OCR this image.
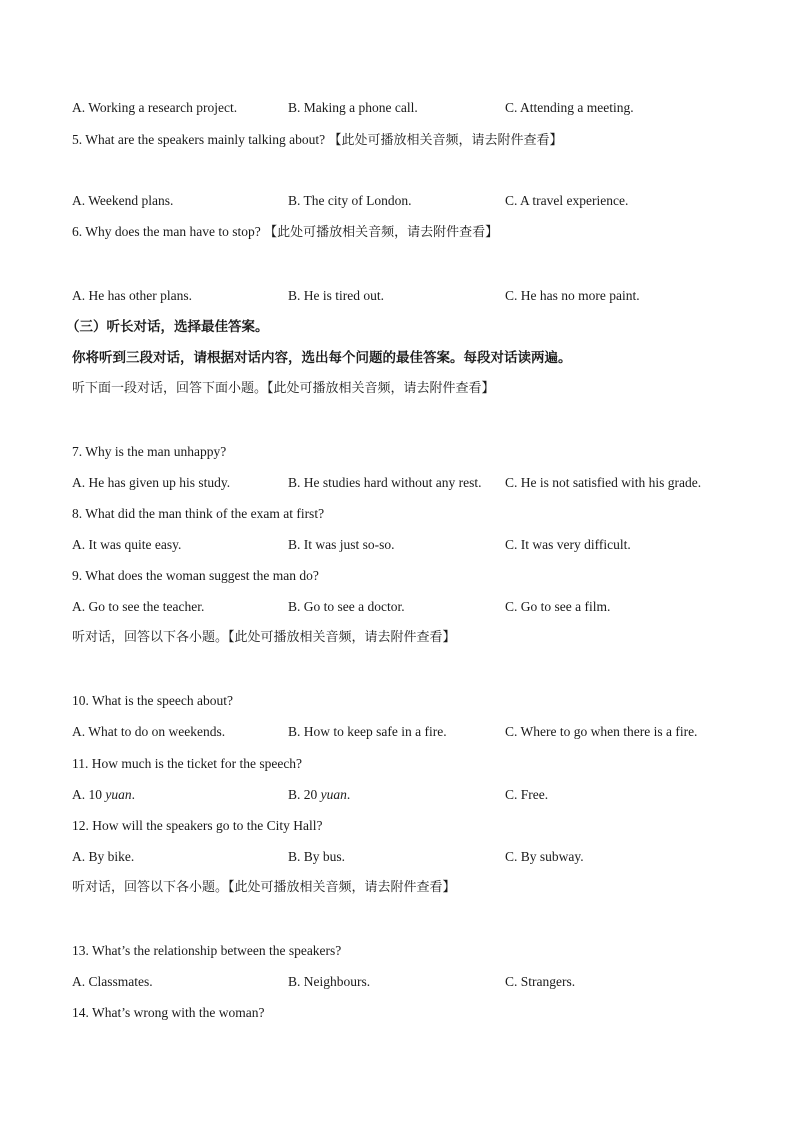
A. Working a research project.	B. Making a phone call.	C. Attending a meeting.
5. What are the speakers mainly talking about? 【此处可播放相关音频，请去附件查看】
A. Weekend plans.	B. The city of London.	C. A travel experience.
6. Why does the man have to stop? 【此处可播放相关音频，请去附件查看】
A. He has other plans.	B. He is tired out.	C. He has no more paint.
（三）听长对话，选择最佳答案。
你将听到三段对话，请根据对话内容，选出每个问题的最佳答案。每段对话读两遍。
听下面一段对话，回答下面小题。【此处可播放相关音频，请去附件查看】
7. Why is the man unhappy?
A. He has given up his study.	B. He studies hard without any rest. C. He is not satisfied with his grade.
8. What did the man think of the exam at first?
A. It was quite easy.	B. It was just so-so.	C. It was very difficult.
9. What does the woman suggest the man do?
A. Go to see the teacher.	B. Go to see a doctor.	C. Go to see a film.
听对话，回答以下各小题。【此处可播放相关音频，请去附件查看】
10. What is the speech about?
A. What to do on weekends.	B. How to keep safe in a fire.	C. Where to go when there is a fire.
11. How much is the ticket for the speech?
A. 10 yuan.	B. 20 yuan.	C. Free.
12. How will the speakers go to the City Hall?
A. By bike.	B. By bus.	C. By subway.
听对话，回答以下各小题。【此处可播放相关音频，请去附件查看】
13. What’s the relationship between the speakers?
A. Classmates.	B. Neighbours.	C. Strangers.
14. What’s wrong with the woman?
